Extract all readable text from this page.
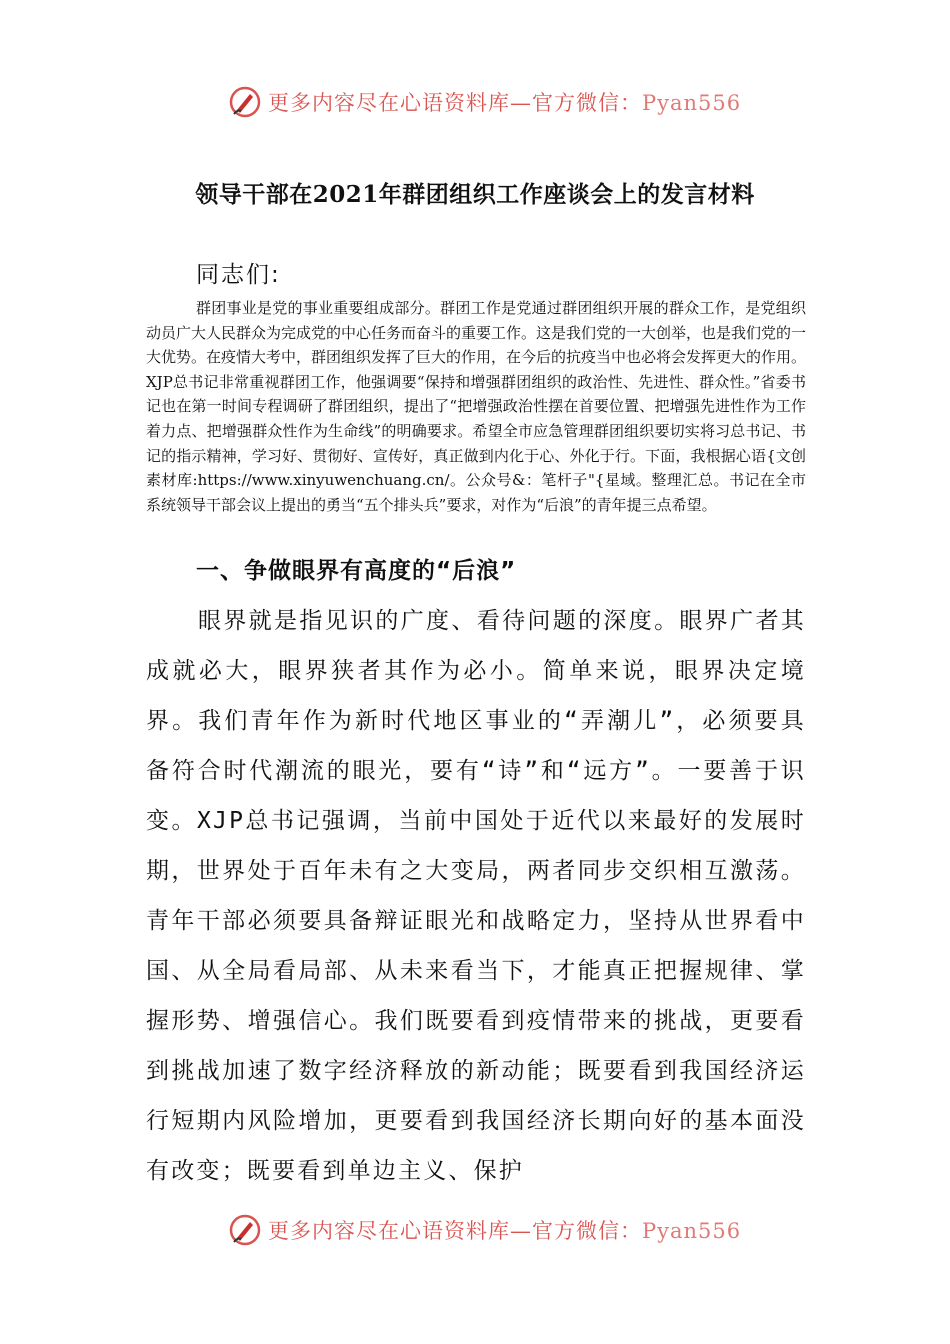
更多内容尽在心语资料库—官方微信：Pyan556
领导干部在2021年群团组织工作座谈会上的发言材料

同志们:

群团事业是党的事业重要组成部分。群团工作是党通过群团组织开展的群众工作，是党组织动员广大人民群众为完成党的中心任务而奋斗的重要工作。这是我们党的一大创举，也是我们党的一大优势。在疫情大考中，群团组织发挥了巨大的作用，在今后的抗疫当中也必将会发挥更大的作用。XJP总书记非常重视群团工作，他强调要“保持和增强群团组织的政治性、先进性、群众性。”省委书记也在第一时间专程调研了群团组织，提出了“把增强政治性摆在首要位置、把增强先进性作为工作着力点、把增强群众性作为生命线”的明确要求。希望全市应急管理群团组织要切实将习总书记、书记的指示精神，学习好、贯彻好、宣传好，真正做到内化于心、外化于行。下面，我根据心语{文创素材库:https://www.xinyuwenchuang.cn/。公众号&：笔杆子"{星域。整理汇总。书记在全市系统领导干部会议上提出的勇当“五个排头兵”要求，对作为“后浪”的青年提三点希望。

一、争做眼界有高度的“后浪”

眼界就是指见识的广度、看待问题的深度。眼界广者其成就必大，眼界狭者其作为必小。简单来说，眼界决定境界。我们青年作为新时代地区事业的“弄潮儿”，必须要具备符合时代潮流的眼光，要有“诗”和“远方”。一要善于识变。XJP总书记强调，当前中国处于近代以来最好的发展时期，世界处于百年未有之大变局，两者同步交织相互激荡。青年干部必须要具备辩证眼光和战略定力，坚持从世界看中国、从全局看局部、从未来看当下，才能真正把握规律、掌握形势、增强信心。我们既要看到疫情带来的挑战，更要看到挑战加速了数字经济释放的新动能；既要看到我国经济运行短期内风险增加，更要看到我国经济长期向好的基本面没有改变；既要看到单边主义、保护

更多内容尽在心语资料库—官方微信：Pyan556
